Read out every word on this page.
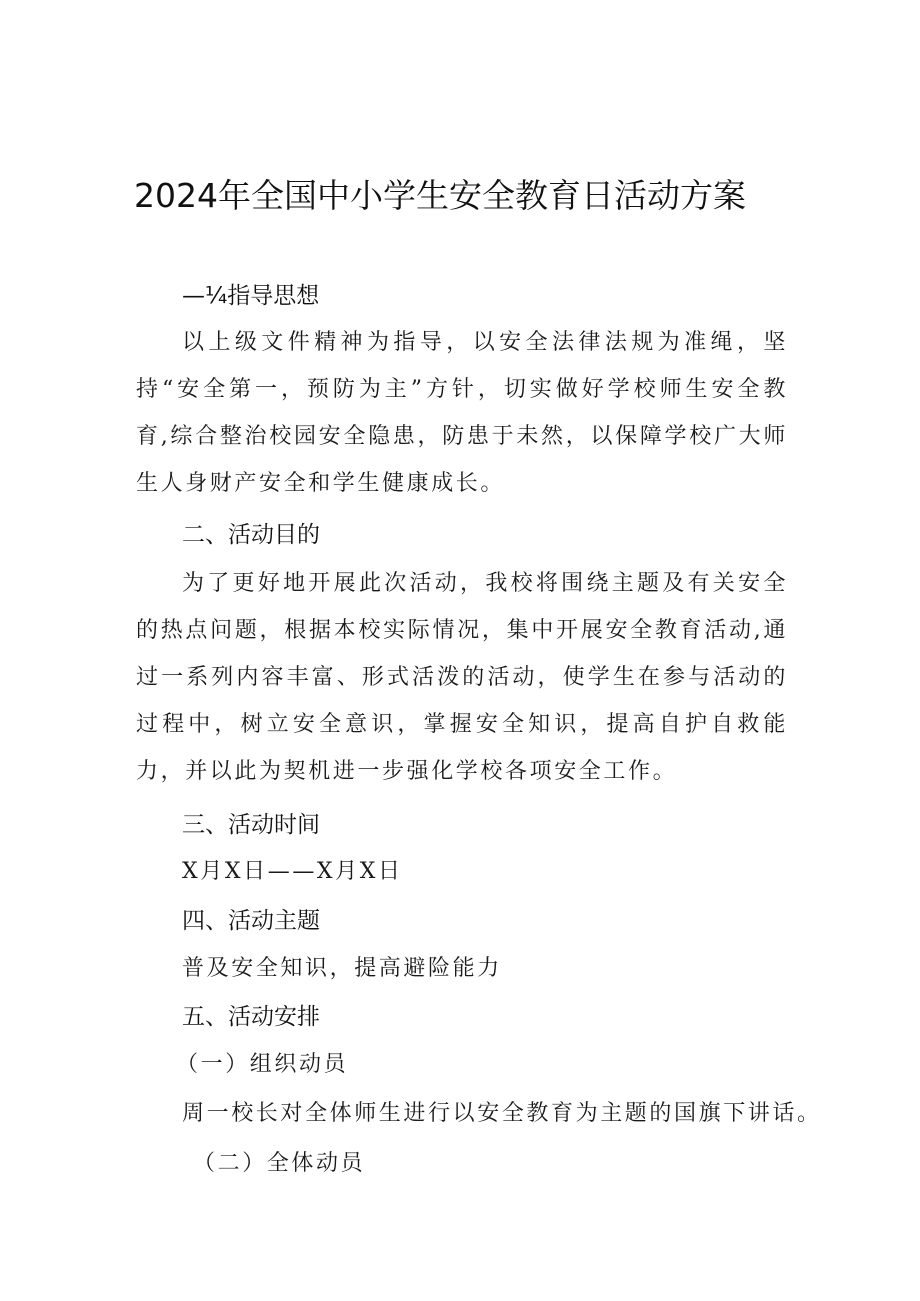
2024年全国中小学生安全教育日活动方案
—¼指导思想

以上级文件精神为指导，以安全法律法规为准绳，坚持“安全第一，预防为主”方针，切实做好学校师生安全教育,综合整治校园安全隐患，防患于未然，以保障学校广大师生人身财产安全和学生健康成长。

二、活动目的

为了更好地开展此次活动，我校将围绕主题及有关安全的热点问题，根据本校实际情况，集中开展安全教育活动,通过一系列内容丰富、形式活泼的活动，使学生在参与活动的过程中，树立安全意识，掌握安全知识，提高自护自救能力，并以此为契机进一步强化学校各项安全工作。

三、活动时间
X月X日——X月X日
四、活动主题
普及安全知识，提高避险能力
五、活动安排
（一）组织动员
周一校长对全体师生进行以安全教育为主题的国旗下讲话。
（二）全体动员
